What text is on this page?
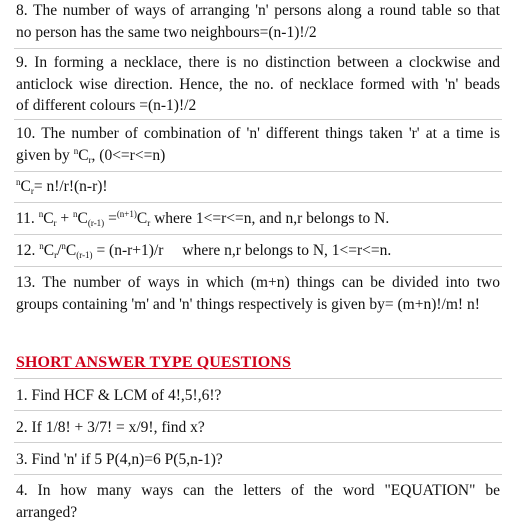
8. The number of ways of arranging 'n' persons along a round table so that
no person has the same two neighbours=(n-1)!/2
9. In forming a necklace, there is no distinction between a clockwise and
anticlock wise direction. Hence, the no. of necklace formed with 'n' beads
of different colours =(n-1)!/2
10. The number of combination of 'n' different things taken 'r' at a time is
given by $^nC_r$, (0<=r<=n)
$^nC_r= n!/r!(n-r)$!
11. $^nC_r + ^nC_{(r-1)} =^{(n+1)}C_r$ where 1<=r<=n, and n,r belongs to N.
12. $^nC_r/^nC_{(r-1)} = (n-r+1)/r$ where n,r belongs to N, 1<=r<=n.
13. The number of ways in which (m+n) things can be divided into two
groups containing 'm' and 'n' things respectively is given by= (m+n)!/m! n!
SHORT ANSWER TYPE QUESTIONS
1. Find HCF & LCM of 4!,5!,6!?
2. If 1/8! + 3/7! = x/9!, find x?
3. Find 'n' if 5 P(4,n)=6 P(5,n-1)?
4. In how many ways can the letters of the word "EQUATION" be
arranged?
